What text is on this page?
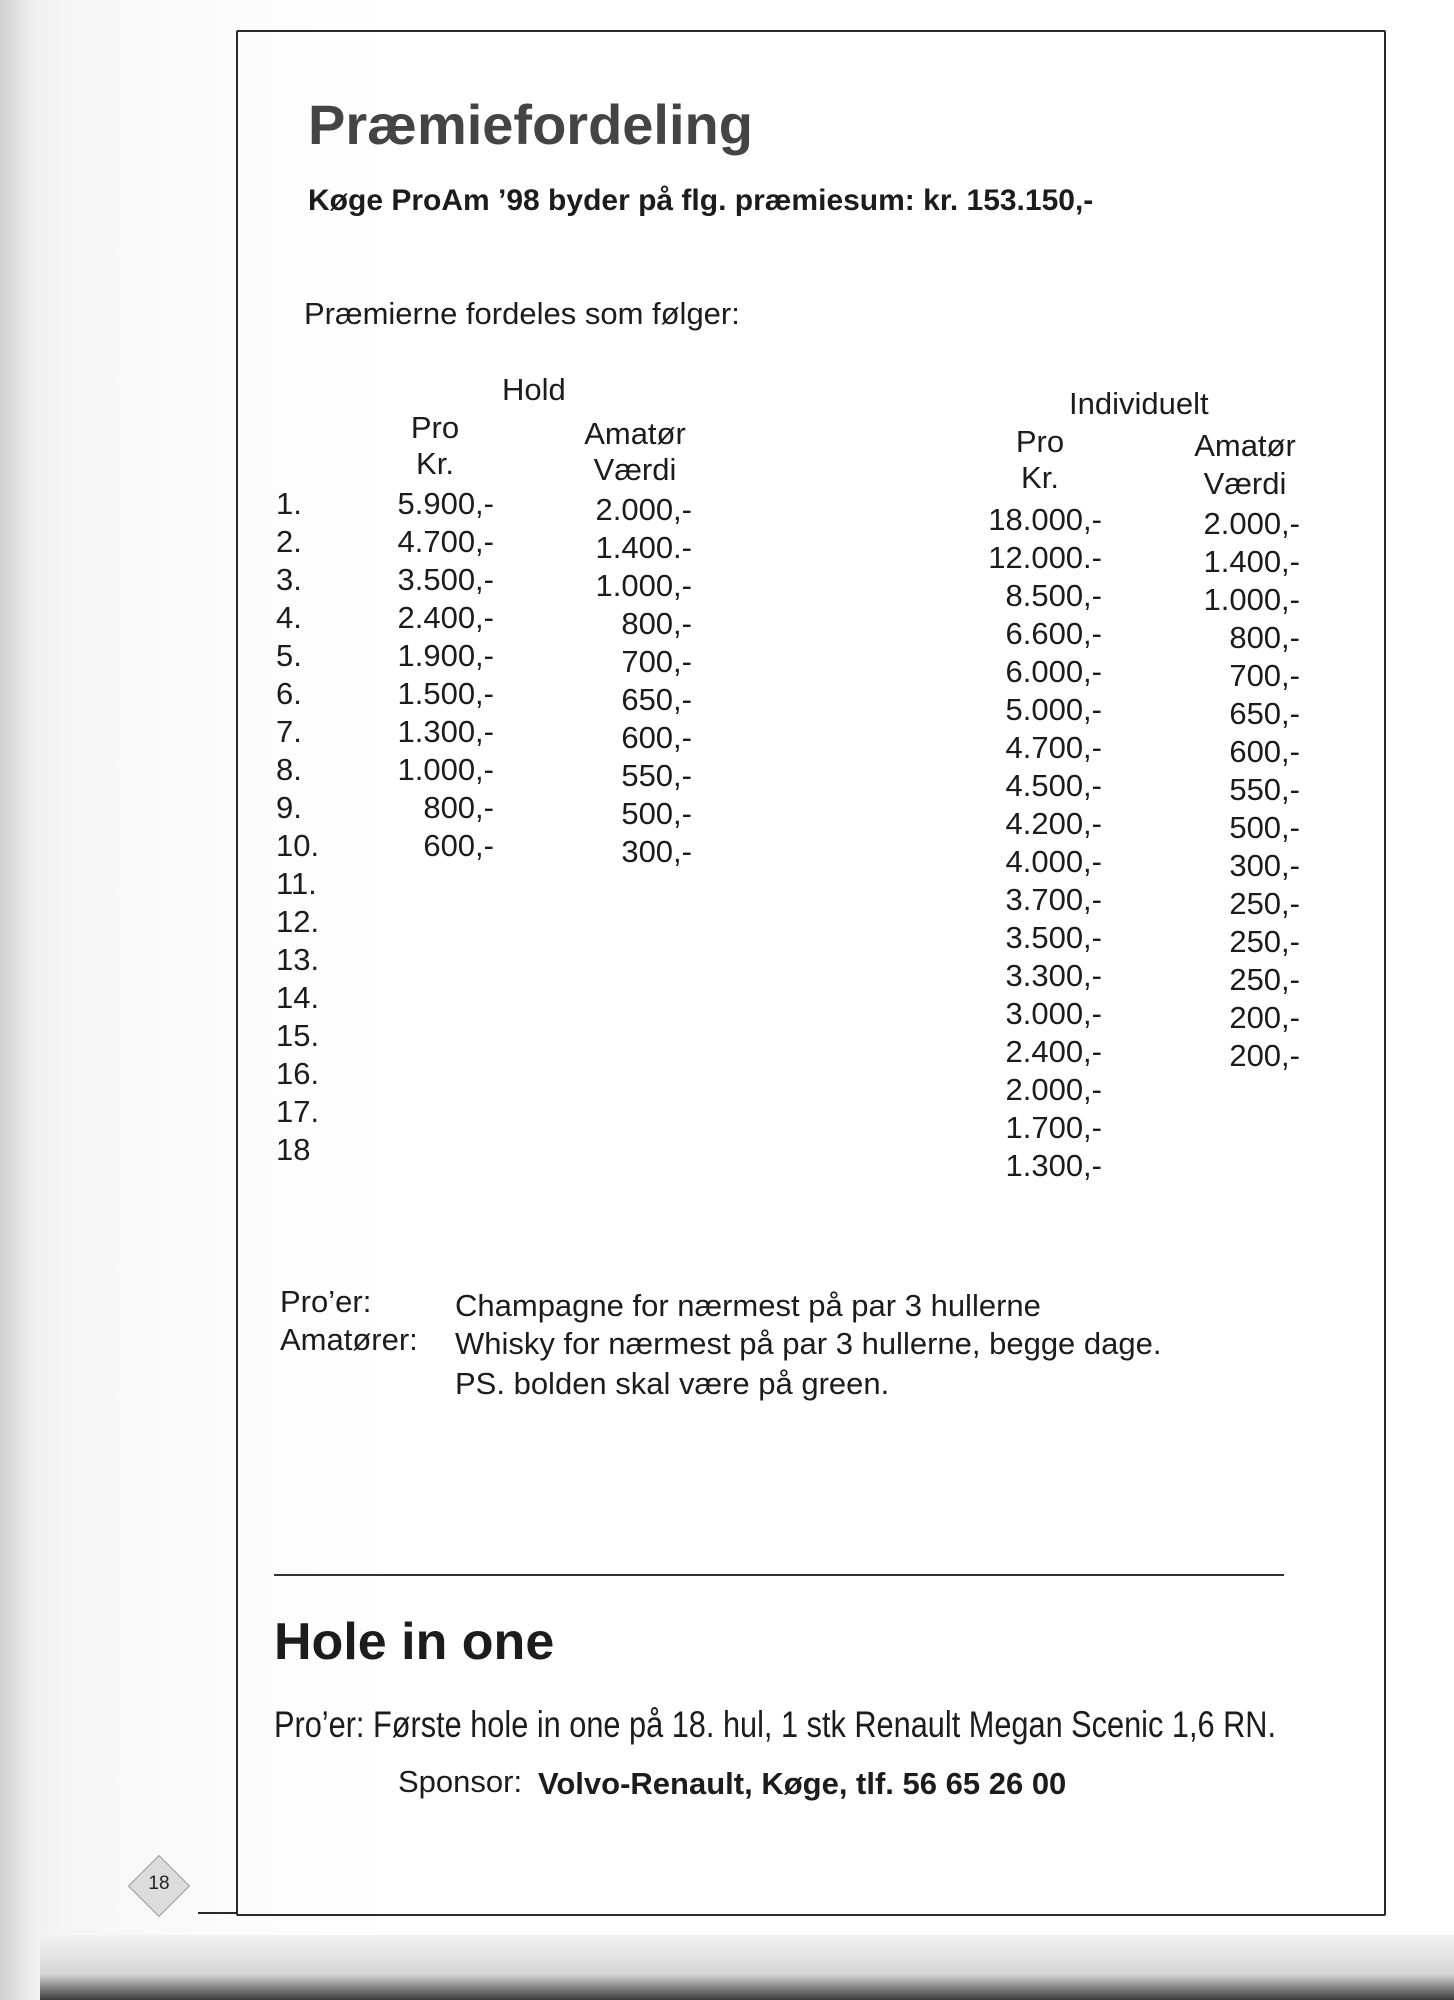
Præmiefordeling
Køge ProAm ’98 byder på flg. præmiesum: kr. 153.150,-
Præmierne fordeles som følger:
Hold
Pro
Kr.
Amatør
Værdi
1.
2.
3.
4.
5.
6.
7.
8.
9.
10.
11.
12.
13.
14.
15.
16.
17.
18
5.900,-
4.700,-
3.500,-
2.400,-
1.900,-
1.500,-
1.300,-
1.000,-
800,-
600,-
2.000,-
1.400.-
1.000,-
800,-
700,-
650,-
600,-
550,-
500,-
300,-
Individuelt
Pro
Kr.
Amatør
Værdi
18.000,-
12.000.-
8.500,-
6.600,-
6.000,-
5.000,-
4.700,-
4.500,-
4.200,-
4.000,-
3.700,-
3.500,-
3.300,-
3.000,-
2.400,-
2.000,-
1.700,-
1.300,-
2.000,-
1.400,-
1.000,-
800,-
700,-
650,-
600,-
550,-
500,-
300,-
250,-
250,-
250,-
200,-
200,-
Pro’er:	Champagne for nærmest på par 3 hullerne
Amatører: Whisky for nærmest på par 3 hullerne, begge dage.
PS. bolden skal være på green.
Hole in one
Pro’er: Første hole in one på 18. hul, 1 stk Renault Megan Scenic 1,6 RN.
Sponsor: Volvo-Renault, Køge, tlf. 56 65 26 00
18
